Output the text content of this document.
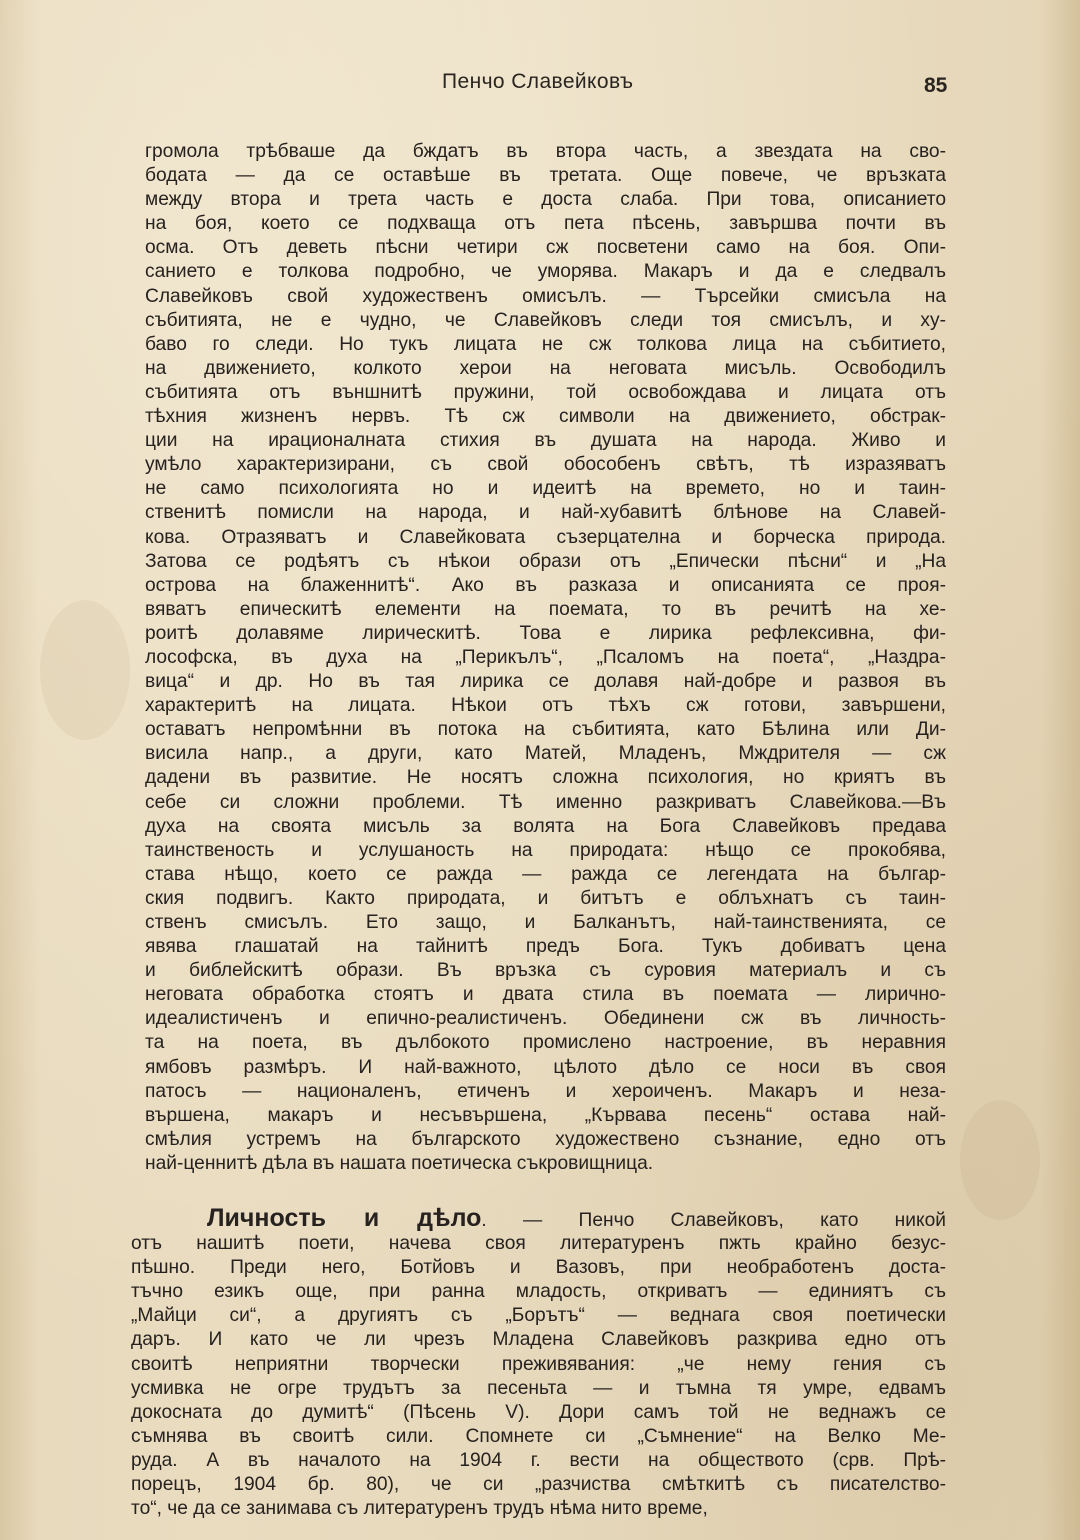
Пенчо Славейковъ	85
громола трѣбваше да бждатъ въ втора часть, а звездата на сво-
бодата — да се оставѣше въ третата. Още повече, че връзката
между втора и трета часть е доста слаба. При това, описанието
на боя, което се подхваща отъ пета пѣсень, завършва почти въ
осма. Отъ деветь пѣсни четири сж посветени само на боя. Опи-
санието е толкова подробно, че уморява. Макаръ и да е следвалъ
Славейковъ свой художественъ омисълъ. — Търсейки смисъла на
събитията, не е чудно, че Славейковъ следи тоя смисълъ, и ху-
баво го следи. Но тукъ лицата не сж толкова лица на събитието,
на движението, колкото херои на неговата мисъль. Освободилъ
събитията отъ външнитѣ пружини, той освобождава и лицата отъ
тѣхния жизненъ нервъ. Тѣ сж символи на движението, обстрак-
ции на ирационалната стихия въ душата на народа. Живо и
умѣло характеризирани, съ свой обособенъ свѣтъ, тѣ изразяватъ
не само психологията но и идеитѣ на времето, но и таин-
ственитѣ помисли на народа, и най-хубавитѣ блѣнове на Славей-
кова. Отразяватъ и Славейковата съзерцателна и борческа природа.
Затова се родѣятъ съ нѣкои образи отъ „Епически пѣсни“ и „На
острова на блаженнитѣ“. Ако въ разказа и описанията се проя-
вяватъ епическитѣ елементи на поемата, то въ речитѣ на хе-
роитѣ долавяме лирическитѣ. Това е лирика рефлексивна, фи-
лософска, въ духа на „Перикълъ“, „Псаломъ на поета“, „Наздра-
вица“ и др. Но въ тая лирика се долавя най-добре и развоя въ
характеритѣ на лицата. Нѣкои отъ тѣхъ сж готови, завършени,
оставатъ непромѣнни въ потока на събитията, като Бѣлина или Ди-
висила напр., а други, като Матей, Младенъ, Мждрителя — сж
дадени въ развитие. Не носятъ сложна психология, но криятъ въ
себе си сложни проблеми. Тѣ именно разкриватъ Славейкова.—Въ
духа на своята мисъль за волята на Бога Славейковъ предава
таинственость и услушаность на природата: нѣщо се прокобява,
става нѣщо, което се ражда — ражда се легендата на българ-
ския подвигъ. Както природата, и битътъ е облъхнатъ съ таин-
ственъ смисълъ. Ето защо, и Балканътъ, най-таинственията, се
явява глашатай на тайнитѣ предъ Бога. Тукъ добиватъ цена
и библейскитѣ образи. Въ връзка съ суровия материалъ и съ
неговата обработка стоятъ и двата стила въ поемата — лирично-
идеалистиченъ и епично-реалистиченъ. Обединени сж въ личность-
та на поета, въ дълбокото промислено настроение, въ неравния
ямбовъ размѣръ. И най-важното, цѣлото дѣло се носи въ своя
патосъ — националенъ, етиченъ и хероиченъ. Макаръ и неза-
вършена, макаръ и несъвършена, „Кървава песень“ остава най-
смѣлия устремъ на българското художествено съзнание, едно отъ
най-ценнитѣ дѣла въ нашата поетическа съкровищница.
Личность и дѣло. — Пенчо Славейковъ, като никой
отъ нашитѣ поети, начева своя литературенъ пжть крайно безус-
пѣшно. Преди него, Ботйовъ и Вазовъ, при необработенъ доста-
тъчно езикъ още, при ранна младость, откриватъ — единиятъ съ
„Майци си“, а другиятъ съ „Борътъ“ — веднага своя поетически
даръ. И като че ли чрезъ Младена Славейковъ разкрива едно отъ
своитѣ неприятни творчески преживявания: „че нему гения съ
усмивка не огре трудътъ за песеньта — и тъмна тя умре, едвамъ
докосната до думитѣ“ (Пѣсень V). Дори самъ той не веднажъ се
съмнява въ своитѣ сили. Спомнете си „Съмнение“ на Велко Ме-
руда. А въ началото на 1904 г. вести на обществото (срв. Прѣ-
порецъ, 1904 бр. 80), че си „разчиства смѣткитѣ съ писателство-
то“, че да се занимава съ литературенъ трудъ нѣма нито време,
